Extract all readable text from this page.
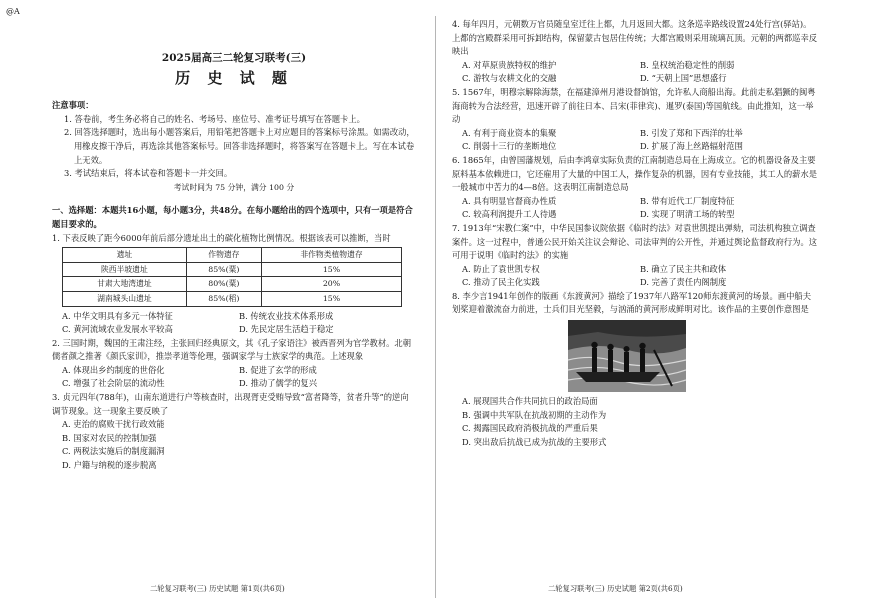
@A
2025届高三二轮复习联考(三)
历 史 试 题
注意事项：
1. 答卷前，考生务必将自己的姓名、考场号、座位号、准考证号填写在答题卡上。
2. 回答选择题时，选出每小题答案后，用铅笔把答题卡上对应题目的答案标号涂黑。如需改动，用橡皮擦干净后，再选涂其他答案标号。回答非选择题时，将答案写在答题卡上。写在本试卷上无效。
3. 考试结束后，将本试卷和答题卡一并交回。
考试时间为 75 分钟，满分 100 分
一、选择题：本题共16小题，每小题3分，共48分。在每小题给出的四个选项中，只有一项是符合题目要求的。
1. 下表反映了距今6000年前后部分遗址出土的碳化植物比例情况。根据该表可以推断，当时
遗址	作物遗存	非作物类植物遗存
陕西半坡遗址	85%(粟)	15%
甘肃大地湾遗址	80%(粟)	20%
湖南城头山遗址	85%(稻)	15%
A. 中华文明具有多元一体特征	B. 传统农业技术体系形成
C. 黄河流域农业发展水平较高	D. 先民定居生活趋于稳定
2. 三国时期，魏国的王肃注经，主张回归经典原文，其《孔子家语注》被西晋列为官学教材。北朝儒者颜之推著《颜氏家训》，推崇孝道等伦理，强调家学与士族家学的典范。上述现象
A. 体现出乡约制度的世俗化	B. 促进了玄学的形成
C. 增强了社会阶层的流动性	D. 推动了儒学的复兴
3. 贞元四年(788年)，山南东道进行户等核查时，出现胥吏受贿导致“富者降等，贫者升等”的逆向调节现象。这一现象主要反映了
A. 吏治的腐败干扰行政效能
B. 国家对农民的控制加强
C. 两税法实施后的制度漏洞
D. 户籍与纳税的逐步脱离
4. 每年四月，元朝数万官员随皇室迁往上都，九月返回大都。这条巡幸路线设置24处行宫(驿站)。上都的宫殿群采用可拆卸结构，保留蒙古包居住传统；大都宫殿则采用琉璃瓦顶。元朝的两都巡幸反映出
A. 对草原贵族特权的维护	B. 皇权统治稳定性的削弱
C. 游牧与农耕文化的交融	D. “天朝上国”思想盛行
5. 1567年，明穆宗解除海禁，在福建漳州月港设督饷馆，允许私人商船出海。此前走私猖獗的闽粤海商转为合法经营，迅速开辟了前往日本、吕宋(菲律宾)、暹罗(泰国)等国航线。由此推知，这一举动
A. 有利于商业资本的集聚	B. 引发了郑和下西洋的壮举
C. 削弱十三行的垄断地位	D. 扩展了海上丝路辐射范围
6. 1865年，由曾国藩规划，后由李鸿章实际负责的江南制造总局在上海成立。它的机器设备及主要原料基本依赖进口，它还雇用了大量的中国工人，操作复杂的机器，因有专业技能，其工人的薪水是一般城市中苦力的4—8倍。这表明江南制造总局
A. 具有明显官督商办性质	B. 带有近代工厂制度特征
C. 较高利润提升工人待遇	D. 实现了明清工场的转型
7. 1913年“宋教仁案”中，中华民国参议院依据《临时约法》对袁世凯提出弹劾，司法机构独立调查案件。这一过程中，普通公民开始关注议会辩论、司法审判的公开性，并通过舆论监督政府行为。这可用于说明《临时约法》的实施
A. 防止了袁世凯专权	B. 确立了民主共和政体
C. 推动了民主化实践	D. 完善了责任内阁制度
8. 李少言1941年创作的版画《东渡黄河》描绘了1937年八路军120师东渡黄河的场景。画中船夫划桨迎着激流奋力前进，士兵们目光坚毅，与汹涌的黄河形成鲜明对比。该作品的主要创作意图是
A. 展现国共合作共同抗日的政治局面
B. 强调中共军队在抗战初期的主动作为
C. 揭露国民政府消极抗战的严重后果
D. 突出敌后抗战已成为抗战的主要形式
二轮复习联考(三) 历史试题 第1页(共6页)	二轮复习联考(三) 历史试题 第2页(共6页)
